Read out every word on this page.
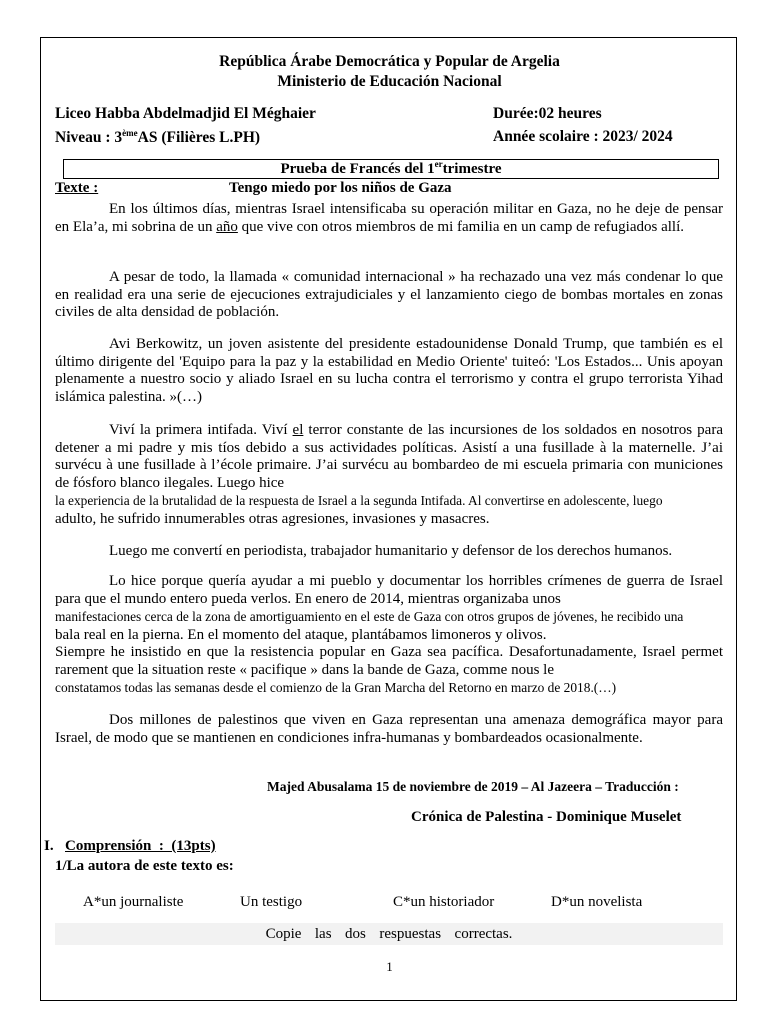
República Árabe Democrática y Popular de Argelia
Ministerio de Educación Nacional
Liceo Habba Abdelmadjid El Méghaier	Durée:02 heures
Niveau : 3èmeAS (Filières L.PH)	Année scolaire : 2023/ 2024
Prueba de Francés del 1ertrimestre
Texte :	Tengo miedo por los niños de Gaza
En los últimos días, mientras Israel intensificaba su operación militar en Gaza, no he deje de pensar en Ela’a, mi sobrina de un año que vive con otros miembros de mi familia en un camp de refugiados allí.
A pesar de todo, la llamada « comunidad internacional » ha rechazado una vez más condenar lo que en realidad era una serie de ejecuciones extrajudiciales y el lanzamiento ciego de bombas mortales en zonas civiles de alta densidad de población.
Avi Berkowitz, un joven asistente del presidente estadounidense Donald Trump, que también es el último dirigente del 'Equipo para la paz y la estabilidad en Medio Oriente' tuiteó: 'Los Estados... Unis apoyan plenamente a nuestro socio y aliado Israel en su lucha contra el terrorismo y contra el grupo terrorista Yihad islámica palestina. »(…)
Viví la primera intifada. Viví el terror constante de las incursiones de los soldados en nosotros para detener a mi padre y mis tíos debido a sus actividades políticas. Asistí a una fusillade à la maternelle. J’ai survécu à une fusillade à l’école primaire. J’ai survécu au bombardeo de mi escuela primaria con municiones de fósforo blanco ilegales. Luego hice
la experiencia de la brutalidad de la respuesta de Israel a la segunda Intifada. Al convertirse en adolescente, luego
adulto, he sufrido innumerables otras agresiones, invasiones y masacres.
Luego me convertí en periodista, trabajador humanitario y defensor de los derechos humanos.
Lo hice porque quería ayudar a mi pueblo y documentar los horribles crímenes de guerra de Israel para que el mundo entero pueda verlos. En enero de 2014, mientras organizaba unos
manifestaciones cerca de la zona de amortiguamiento en el este de Gaza con otros grupos de jóvenes, he recibido una
bala real en la pierna. En el momento del ataque, plantábamos limoneros y olivos.
Siempre he insistido en que la resistencia popular en Gaza sea pacífica. Desafortunadamente, Israel permet rarement que la situation reste « pacifique » dans la bande de Gaza, comme nous le
constatamos todas las semanas desde el comienzo de la Gran Marcha del Retorno en marzo de 2018.(…)
Dos millones de palestinos que viven en Gaza representan una amenaza demográfica mayor para Israel, de modo que se mantienen en condiciones infra-humanas y bombardeados ocasionalmente.
Majed Abusalama 15 de noviembre de 2019 – Al Jazeera – Traducción :
Crónica de Palestina - Dominique Muselet
I. Comprensión  :  (13pts)
1/La autora de este texto es:
A*un journaliste	Un testigo	C*un historiador	D*un novelista
Copie  las  dos  respuestas  correctas.
1
